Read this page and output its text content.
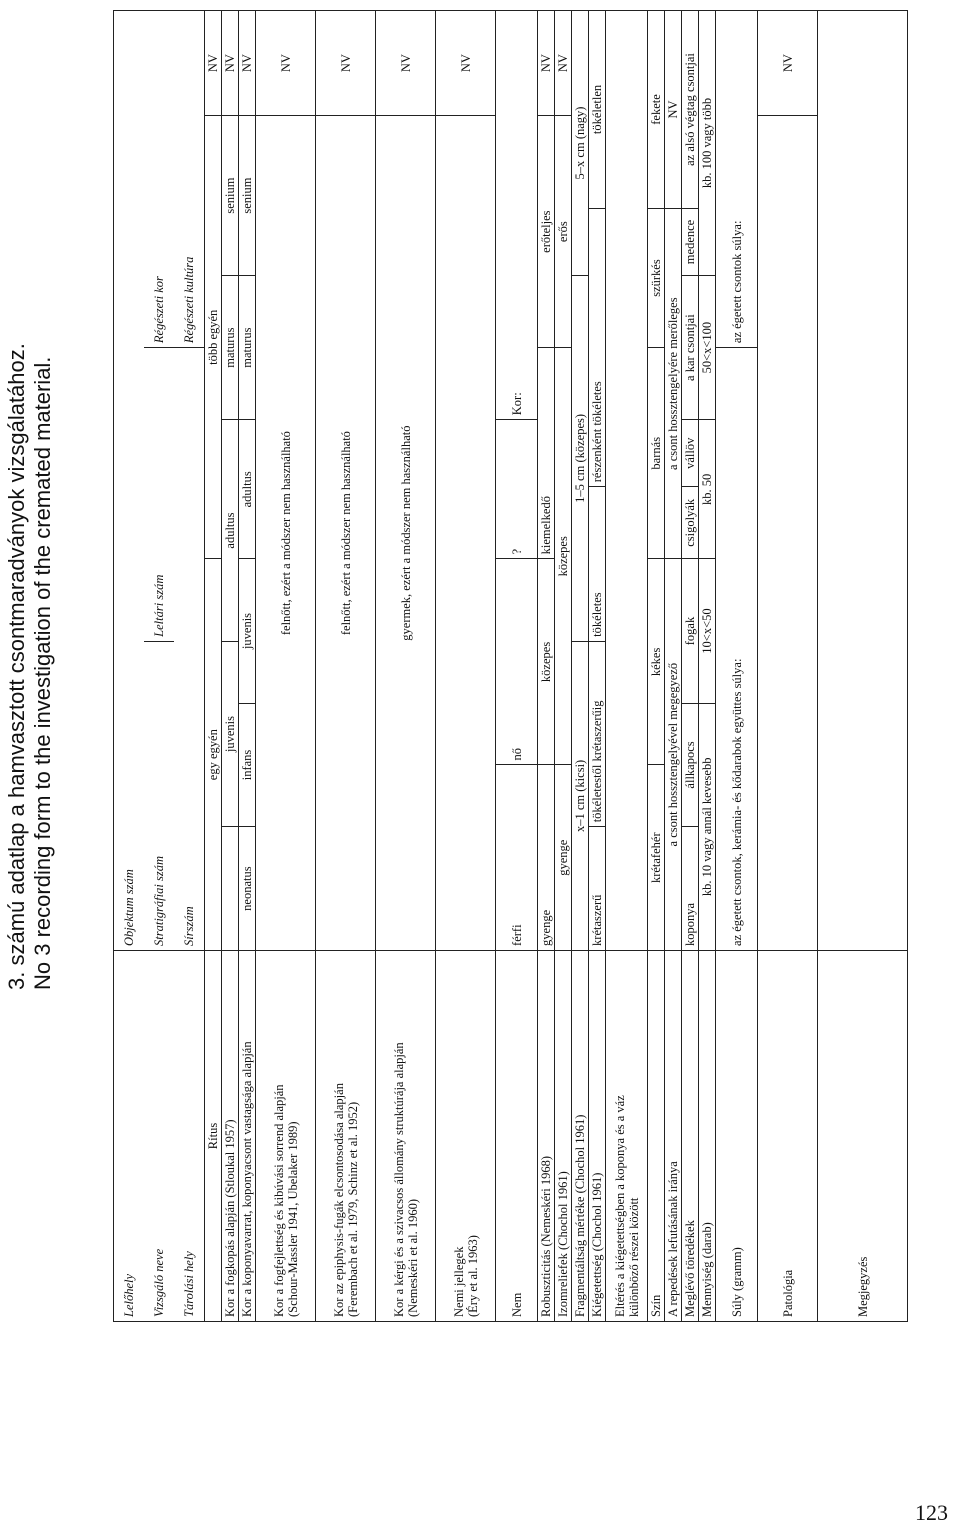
3. számú adatlap a hamvasztott csontmaradványok vizsgálatához. No 3 recording form to the investigation of the cremated material.
Lelőhely	Objektum szám											
Vizsgáló neve	Stratigráfiai szám				Leltári szám				Régészeti kor			
Tárolási hely	Sírszám								Régészeti kultúra			
Rítus	egy egyén					több egyén						NV
Kor a fogkopás alapján (Stloukal 1957)		juvenis			adultus			maturus		senium		NV
Kor a koponyavarrat, koponyacsont vastagsága alapján	neonatus	infans		juvenis		adultus		maturus		senium		NV

Kor a fogfejlettség és kibúvási sorrend alapján (Schour-Massler 1941, Ubelaker 1989)	felnőtt, ezért a módszer nem használható											NV

Kor az epiphysis-fugák elcsontosodása alapján (Ferembach et al. 1979, Schinz et al. 1952)	felnőtt, ezért a módszer nem használható											NV

Kor a kérgi és a szivacsos állomány struktúrája alapján (Nemeskéri et al. 1960)	gyermek, ezért a módszer nem használható											NV

Nemi jellegek (Éry et al. 1963)												NV
Nem	férfi		nő			?		Kor:				
Robuszticitás (Nemeskéri 1968)	gyenge		közepes			kiemelkedő			erőteljes			NV
Izomreliefek (Chochol 1961)	gyenge		közepes						erős			NV
Fragmentáltság mértéke (Chochol 1961)	x–1 cm (kicsi)				1–5 cm (közepes)					5–x cm (nagy)		
Kiégetettség (Chochol 1961)	krétaszerű	tökéletestől krétaszerűig			tökéletes		részenként tökéletes				tökéletlen	

Eltérés a kiégetettségben a koponya és a váz különböző részei között												

Szín	krétafehér		kékes			barnás			szürkés		fekete	
A repedések lefutásának iránya	a csont hossztengelyével megegyező					a csont hossztengelyére merőleges					NV	
Meglévő töredékek	koponya	állkapocs		fogak		csigolyák	vállöv	a kar csontjai		medence	az alsó végtag csontjai	
Mennyiség (darab)	kb. 10 vagy annál kevesebb			10<x<50		kb. 50		50<x<100		kb. 100 vagy több		
Súly (gramm)	az égetett csontok, kerámia- és kődarabok együttes súlya:								az égetett csontok súlya:			
Patológia												NV
Megjegyzés												
123
